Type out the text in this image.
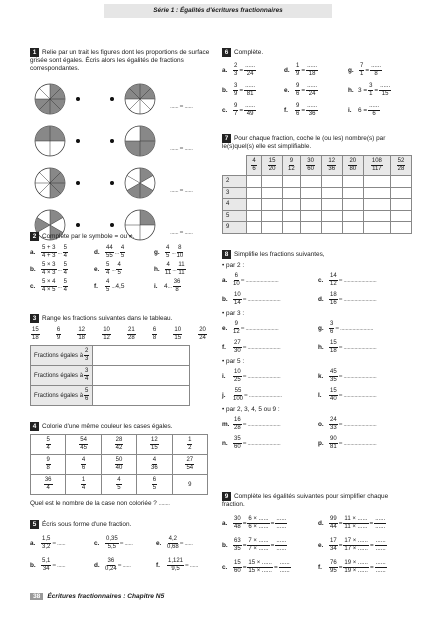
Série 1 : Égalités d'écritures fractionnaires
1 Relie par un trait les figures dont les proportions de surface grisée sont égales. Écris alors les égalités de fractions correspondantes.
...... = ......
...... = ......
...... = ......
...... = ......
2 Complète par le symbole = ou ≠.
a. $\frac{5 + 3}{4 + 3}$ ... $\frac{5}{4}$	d. $\frac{44}{55}$ ... $\frac{4}{5}$	g. $\frac{4}{5}$ ... $\frac{8}{10}$
b. $\frac{5 \times 3}{4 \times 3}$ ... $\frac{5}{4}$	e. $\frac{5}{4}$ ... $\frac{4}{5}$	h. $\frac{4}{11}$ ... $\frac{11}{11}$
c. $\frac{5 \times 4}{4 \times 5}$ ... $\frac{5}{4}$	f.	$\frac{4}{5}$ ... 4,5	i.	4 ... $\frac{36}{8}$
3 Range les fractions suivantes dans le tableau.
$\frac{15}{18}$	$\frac{6}{9}$	$\frac{12}{18}$	$\frac{10}{12}$	$\frac{21}{28}$	$\frac{6}{8}$	$\frac{10}{15}$	$\frac{20}{24}$
Fractions égales à $\frac{2}{3}$

Fractions égales à $\frac{3}{4}$

Fractions égales à $\frac{5}{6}$

4 Colorie d'une même couleur les cases égales.
$\frac{5}{4}$	$\frac{54}{45}$	$\frac{28}{42}$	$\frac{12}{15}$	$\frac{1}{2}$

$\frac{9}{8}$	$\frac{4}{6}$	$\frac{50}{40}$	$\frac{4}{36}$	$\frac{27}{54}$

$\frac{36}{4}$	$\frac{1}{4}$	$\frac{4}{5}$	$\frac{6}{5}$	9
Quel est le nombre de la case non coloriée ? ........
5 Écris sous forme d'une fraction.
a. $\frac{1,5}{3,2}$ = ......	c. $\frac{0,35}{5,5}$ = ......	e. $\frac{4,2}{0,68}$ = ......
b. $\frac{5,1}{34}$ = ......	d. $\frac{36}{0,24}$ = ......	f.	$\frac{1,121}{9,5}$ = ......
6 Complète.
a. $\frac{2}{3} = \frac{......}{24}$	d. $\frac{1}{9} = \frac{......}{18}$	g. $\frac{7}{1} = \frac{......}{8}$
b. $\frac{3}{9} = \frac{......}{81}$	e. $\frac{9}{6} = \frac{......}{24}$	h. $3 = \frac{3}{1} = \frac{......}{15}$
c. $\frac{9}{7} = \frac{......}{49}$	f.	$\frac{9}{6} = \frac{......}{36}$	i.	$6 = \frac{......}{6}$
7 Pour chaque fraction, coche le (ou les) nombre(s) par le(s)quel(s) elle est simplifiable.

	$\frac{4}{6}$	$\frac{15}{20}$	$\frac{9}{12}$	$\frac{30}{60}$	$\frac{12}{36}$	$\frac{20}{80}$	$\frac{108}{117}$	$\frac{52}{28}$

2								
3								
4								
5								
9								
8 Simplifie les fractions suivantes,
• par 2 :
a. $\frac{6}{10}$ = ........................	c. $\frac{14}{12}$ = ........................
b. $\frac{10}{14}$ = ........................	d. $\frac{18}{16}$ = ........................
• par 3 :
e. $\frac{9}{12}$ = ........................	g. $\frac{3}{6}$ = ........................
f.	$\frac{27}{30}$ = ........................	h. $\frac{15}{18}$ = ........................
• par 5 :
i.	$\frac{10}{25}$ = ........................	k. $\frac{45}{35}$ = ........................
j.	$\frac{55}{100}$ = ........................	l.	$\frac{15}{40}$ = ........................
• par 2, 3, 4, 5 ou 9 :
m. $\frac{16}{28}$ = ........................	o. $\frac{24}{33}$ = ........................
n. $\frac{35}{60}$ = ........................	p. $\frac{90}{81}$ = ........................
9 Complète les égalités suivantes pour simplifier chaque fraction.
a. $\frac{30}{48} = \frac{6 \times ......}{6 \times ......} = \frac{......}{......}$	d. $\frac{99}{44} = \frac{11 \times ......}{11 \times ......} = \frac{......}{......}$
b. $\frac{63}{35} = \frac{7 \times ......}{7 \times ......} = \frac{......}{......}$	e. $\frac{17}{34} = \frac{17 \times ......}{17 \times ......} = \frac{......}{......}$
c. $\frac{15}{60} = \frac{15 \times ......}{15 \times ......} = \frac{......}{......}$	f.	$\frac{76}{95} = \frac{19 \times ......}{19 \times ......} = \frac{......}{......}$
38 Écritures fractionnaires : Chapitre N5
